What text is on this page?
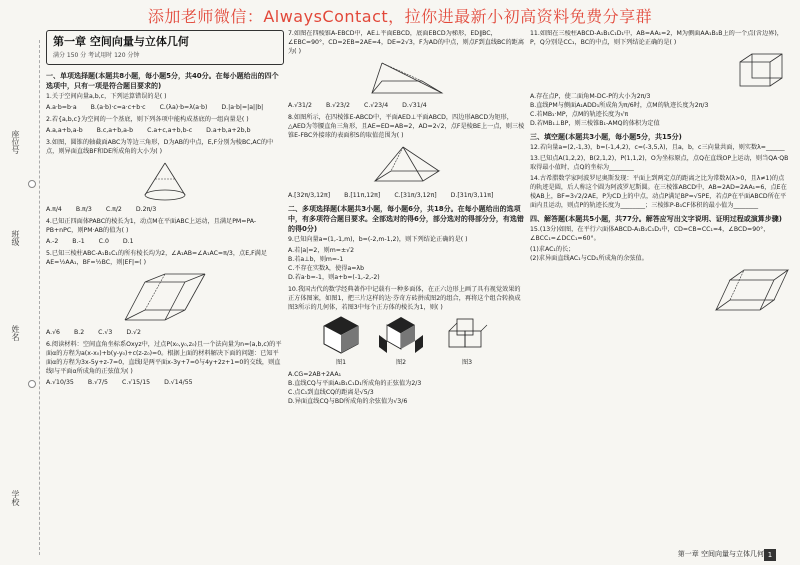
添加老师微信：AlwaysContact，拉你进最新小初高资料免费分享群
座位号
班级
姓名
学校
第一章 空间向量与立体几何
满分 150 分 考试用时 120 分钟
一、单项选择题(本题共8小题，每小题5分，共40分。在每小题给出的四个选项中，只有一项是符合题目要求的)
1.关于空间向量a,b,c，下列运算错误的是( )
A.a·b=b·a B.(a·b)·c=a·c+b·c C.(λa)·b=λ(a·b) D.|a·b|=|a||b|
2.若{a,b,c}为空间的一个基底，则下列各项中能构成基底的一组向量是( )
A.a,a+b,a-b B.c,a+b,a-b C.a+c,a+b,b-c D.a+b,a+2b,b
3.如图，圆锥的轴截面ABC为等边三角形，D为AB的中点，E,F分别为棱BC,AC的中点，则异面直线BF和DE所成角的大小为( )
A.π/4 B.π/3 C.π/2 D.2π/3
4.已知正四面体PABC的棱长为1，动点M在平面ABC上运动，且满足PM=PA-PB+nPC，则PM·AB的值为( )
A.-2 B.-1 C.0 D.1
5.已知三棱柱ABC-A₁B₁C₁的所有棱长均为2，∠A₁AB=∠A₁AC=π/3，点E,F满足AE=½AA₁，BF=½BC，则|EF|=( )
A.√6 B.2 C.√3 D.√2
6.阅读材料：空间直角坐标系Oxyz中，过点P(x₀,y₀,z₀)且一个法向量为n=(a,b,c)的平面α的方程为a(x-x₀)+b(y-y₀)+c(z-z₀)=0。根据上面的材料解决下面的问题：已知平面α的方程为3x-5y+z-7=0，直线l是两平面x-3y+7=0与4y+2z+1=0的交线，则直线l与平面α所成角的正弦值为( )
A.√10/35 B.√7/5 C.√15/15 D.√14/55
7.如图在四棱锥A-EBCD中，AE⊥平面EBCD，底面EBCD为梯形，ED∥BC，∠EBC=90°，CD=2EB=2AE=4，DE=2√3，F为AD的中点，则点F到直线BC的距离为( )
A.√31/2 B.√23/2 C.√23/4 D.√31/4
8.如图所示，在四棱锥E-ABCD中，平面AED⊥平面ABCD，四边形ABCD为矩形，△AED为等腰直角三角形，且AE=ED=AB=2，AD=2√2，点F是棱BE上一点，则三棱锥E-FBC外接球的表面积S的取值范围为( )
A.[32π/3,12π] B.[11π,12π] C.[31π/3,12π] D.[31π/3,11π]
二、多项选择题(本题共3小题，每小题6分，共18分。在每小题给出的选项中，有多项符合题目要求。全部选对的得6分，部分选对的得部分分，有选错的得0分)
9.已知向量a=(1,-1,m)，b=(-2,m-1,2)，则下列结论正确的是( )
A.若|a|=2，则m=±√2
B.若a⊥b，则m=-1
C.不存在实数λ，使得a=λb
D.若a·b=-1，则a+b=(-1,-2,-2)
10.我国古代的数学经典著作中记载有一种多面体，在正六边形上画了具有视觉效果的正方体图案，如图1，把三片这样的达·芬奇方砖拼成图2的组合，再将这个组合转换成图3所示的几何体，若图3中每个正方体的棱长为1，则( )
图1	图2	图3
A.CG=2AB+2AA₁
B.直线CQ与平面A₁B₁C₁D₁所成角的正弦值为2/3
C.点C₁到直线CQ的距离是√5/3
D.异面直线CQ与BD所成角的余弦值为√3/6
11.如图在三棱柱ABCD-A₁B₁C₁D₁中，AB=AA₁=2，M为侧面AA₁B₁B上的一个点(含边界)，P，Q分别是CC₁，BC的中点，则下列结论正确的是( )
A.存在点P，使二面角M-DC-P的大小为2π/3
B.直线PM与侧面A₁ADD₁所成角为π/6时，点M的轨迹长度为2π/3
C.若MB₁·MP，点M的轨迹长度为√π
D.若MB₁⊥BP，则三棱锥B₁-AMQ的体积为定值
三、填空题(本题共3小题，每小题5分，共15分)
12.若向量a=(2,-1,3)，b=(-1,4,2)，c=(-3,5,λ)，且a，b，c三向量共面，则实数λ=______
13.已知点A(1,2,2)，B(2,1,2)，P(1,1,2)，O为坐标原点，点Q在直线OP上运动，则当QA·QB取得最小值时，点Q的坐标为________
14.古希腊数学家阿波罗尼奥斯发现：平面上到两定点的距离之比为常数λ(λ>0，且λ≠1)的点的轨迹是圆，后人称这个圆为阿波罗尼斯圆。在三棱锥ABCD中，AB=2AD=2AA₁=6，点E在棱AB上，BF=3√2/2AE，P为CD上的中点，动点P满足BP=√5PE，若点P在平面ABCD所在平面内且运动，则点P的轨迹长度为________；三棱锥P-B₁CF体积的最小值为________
四、解答题(本题共5小题，共77分。解答应写出文字说明、证明过程或演算步骤)
15.(13分)如图，在平行六面体ABCD-A₁B₁C₁D₁中，CD=CB=CC₁=4，∠BCD=90°，∠BCC₁=∠DCC₁=60°。
(1)求AC₁的长；
(2)求异面直线AC₁与CD₁所成角的余弦值。
第一章 空间向量与立体几何 1
